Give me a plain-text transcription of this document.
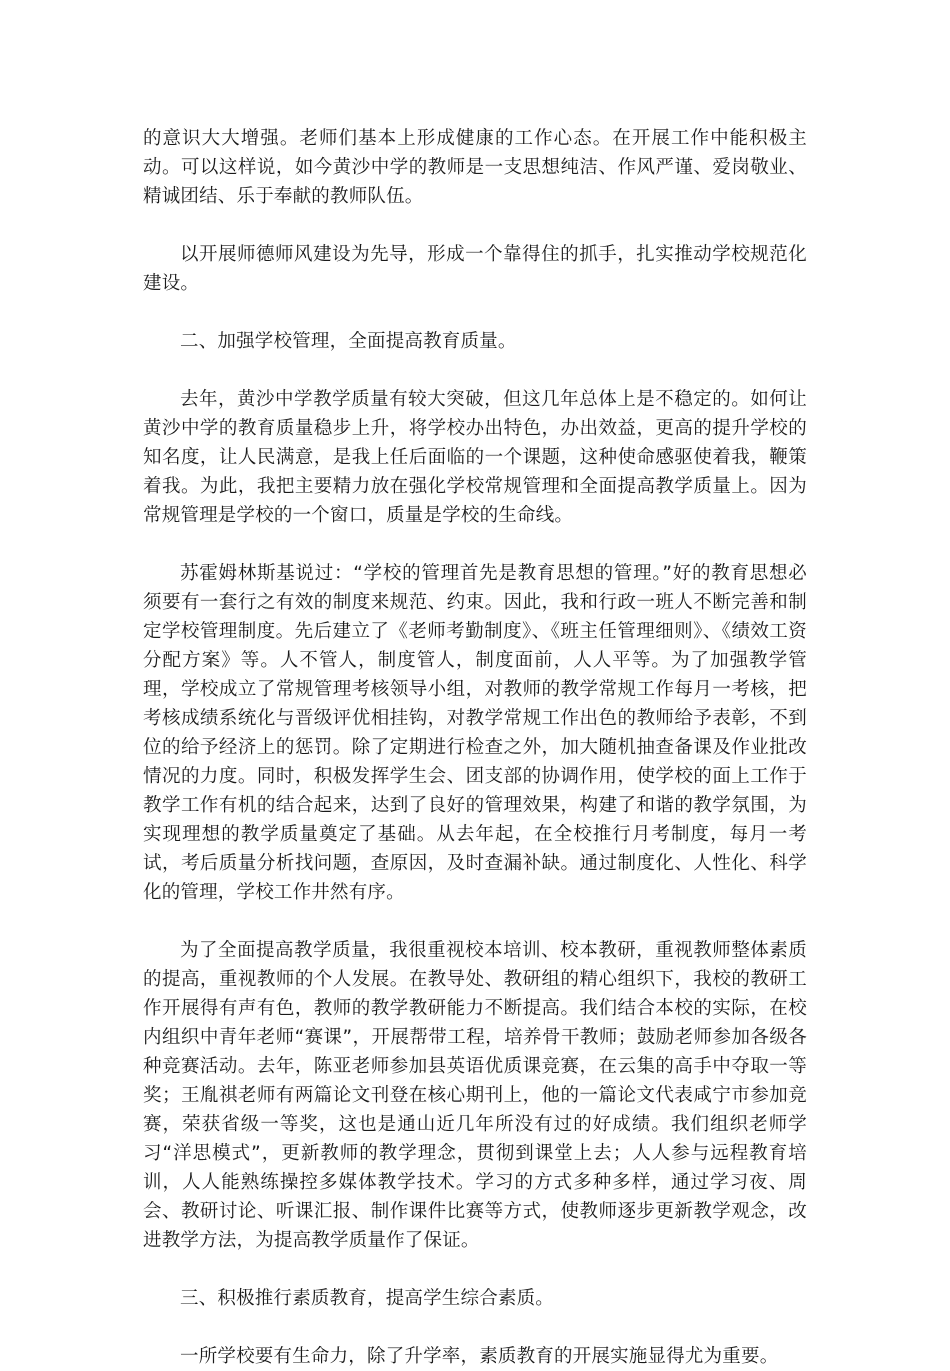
的意识大大增强。老师们基本上形成健康的工作心态。在开展工作中能积极主动。可以这样说，如今黄沙中学的教师是一支思想纯洁、作风严谨、爱岗敬业、精诚团结、乐于奉献的教师队伍。

以开展师德师风建设为先导，形成一个靠得住的抓手，扎实推动学校规范化建设。

二、加强学校管理，全面提高教育质量。

去年，黄沙中学教学质量有较大突破，但这几年总体上是不稳定的。如何让黄沙中学的教育质量稳步上升，将学校办出特色，办出效益，更高的提升学校的知名度，让人民满意，是我上任后面临的一个课题，这种使命感驱使着我，鞭策着我。为此，我把主要精力放在强化学校常规管理和全面提高教学质量上。因为常规管理是学校的一个窗口，质量是学校的生命线。

苏霍姆林斯基说过：“学校的管理首先是教育思想的管理。”好的教育思想必须要有一套行之有效的制度来规范、约束。因此，我和行政一班人不断完善和制定学校管理制度。先后建立了《老师考勤制度》、《班主任管理细则》、《绩效工资分配方案》等。人不管人，制度管人，制度面前，人人平等。为了加强教学管理，学校成立了常规管理考核领导小组，对教师的教学常规工作每月一考核，把考核成绩系统化与晋级评优相挂钩，对教学常规工作出色的教师给予表彰，不到位的给予经济上的惩罚。除了定期进行检查之外，加大随机抽查备课及作业批改情况的力度。同时，积极发挥学生会、团支部的协调作用，使学校的面上工作于教学工作有机的结合起来，达到了良好的管理效果，构建了和谐的教学氛围，为实现理想的教学质量奠定了基础。从去年起，在全校推行月考制度，每月一考试，考后质量分析找问题，查原因，及时查漏补缺。通过制度化、人性化、科学化的管理，学校工作井然有序。

为了全面提高教学质量，我很重视校本培训、校本教研，重视教师整体素质的提高，重视教师的个人发展。在教导处、教研组的精心组织下，我校的教研工作开展得有声有色，教师的教学教研能力不断提高。我们结合本校的实际，在校内组织中青年老师“赛课”，开展帮带工程，培养骨干教师；鼓励老师参加各级各种竞赛活动。去年，陈亚老师参加县英语优质课竞赛，在云集的高手中夺取一等奖；王胤祺老师有两篇论文刊登在核心期刊上，他的一篇论文代表咸宁市参加竞赛，荣获省级一等奖，这也是通山近几年所没有过的好成绩。我们组织老师学习“洋思模式”，更新教师的教学理念，贯彻到课堂上去；人人参与远程教育培训，人人能熟练操控多媒体教学技术。学习的方式多种多样，通过学习夜、周会、教研讨论、听课汇报、制作课件比赛等方式，使教师逐步更新教学观念，改进教学方法，为提高教学质量作了保证。

三、积极推行素质教育，提高学生综合素质。

一所学校要有生命力，除了升学率，素质教育的开展实施显得尤为重要。
